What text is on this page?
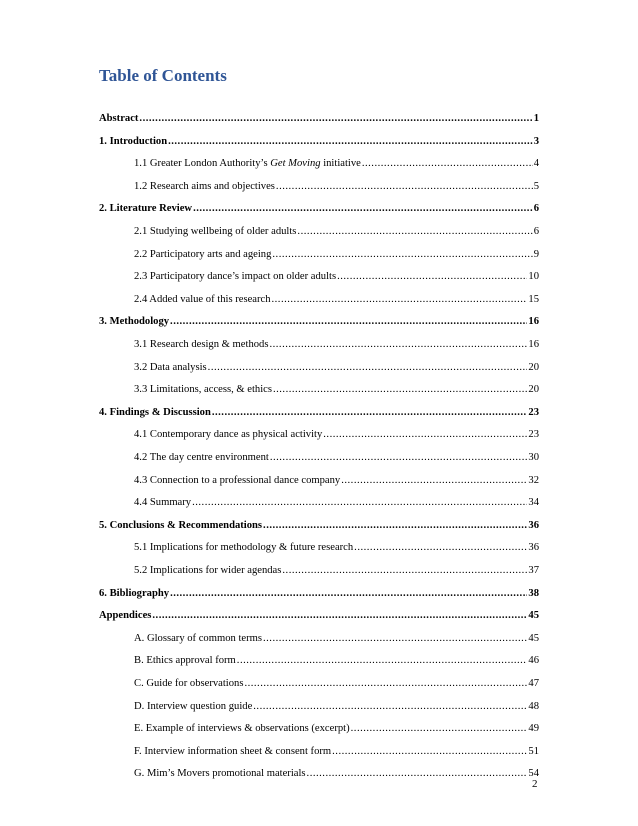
Table of Contents
Abstract .....	1
1. Introduction .....	3
1.1 Greater London Authority’s Get Moving initiative .....	4
1.2 Research aims and objectives .....	5
2. Literature Review .....	6
2.1 Studying wellbeing of older adults .....	6
2.2 Participatory arts and ageing .....	9
2.3 Participatory dance’s impact on older adults .....	10
2.4 Added value of this research .....	15
3. Methodology .....	16
3.1 Research design & methods .....	16
3.2 Data analysis .....	20
3.3 Limitations, access, & ethics .....	20
4. Findings & Discussion .....	23
4.1 Contemporary dance as physical activity .....	23
4.2 The day centre environment .....	30
4.3 Connection to a professional dance company .....	32
4.4 Summary .....	34
5. Conclusions & Recommendations .....	36
5.1 Implications for methodology & future research .....	36
5.2 Implications for wider agendas .....	37
6. Bibliography .....	38
Appendices .....	45
A. Glossary of common terms .....	45
B. Ethics approval form .....	46
C. Guide for observations .....	47
D. Interview question guide .....	48
E. Example of interviews & observations (excerpt) .....	49
F. Interview information sheet & consent form .....	51
G. Mim’s Movers promotional materials .....	54
2
